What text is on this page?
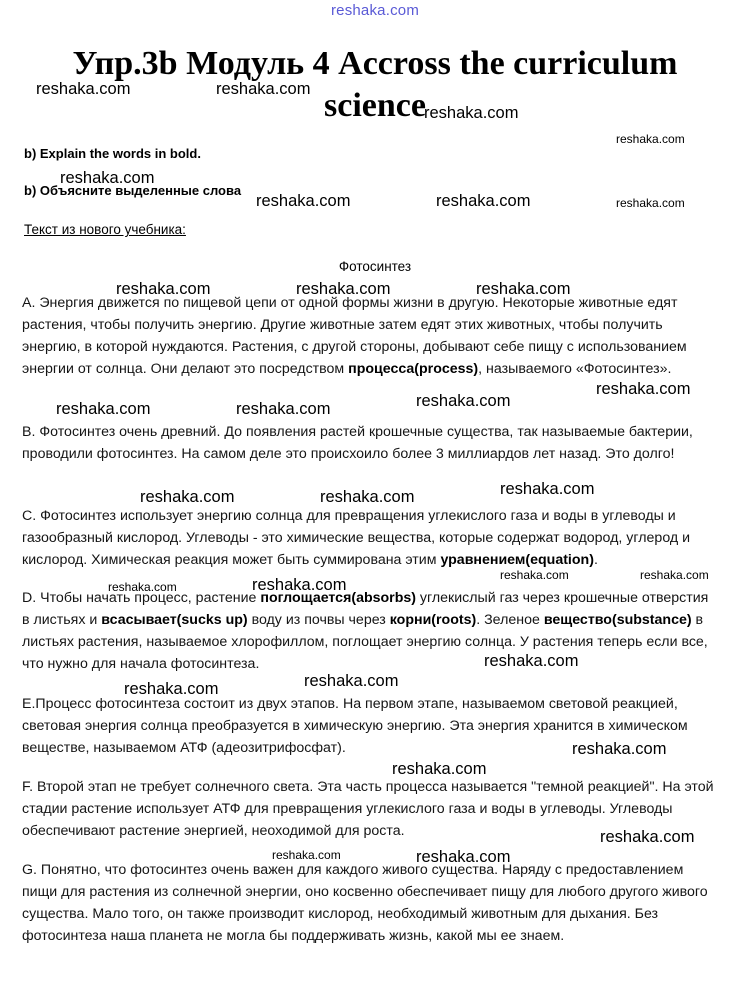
reshaka.com
Упр.3b Модуль 4 Accross the curriculum
science
b) Explain the words in bold.
b) Объясните выделенные слова
Текст из нового учебника:
Фотосинтез
A. Энергия движется по пищевой цепи от одной формы жизни в другую. Некоторые животные едят растения, чтобы получить энергию. Другие животные затем едят этих животных, чтобы получить энергию, в которой нуждаются. Растения, с другой стороны, добывают себе пищу с использованием энергии от солнца. Они делают это посредством процесса(process), называемого «Фотосинтез».
B. Фотосинтез очень древний. До появления растей крошечные существа, так называемые бактерии, проводили фотосинтез. На самом деле это происхоило более 3 миллиардов лет назад. Это долго!
C. Фотосинтез использует энергию солнца для превращения углекислого газа и воды в углеводы и газообразный кислород. Углеводы - это химические вещества, которые содержат водород, углерод и кислород. Химическая реакция может быть суммирована этим уравнением(equation).
D. Чтобы начать процесс, растение поглощается(absorbs) углекислый газ через крошечные отверстия в листьях и всасывает(sucks up) воду из почвы через корни(roots). Зеленое вещество(substance) в листьях растения, называемое хлорофиллом, поглощает энергию солнца. У растения теперь если все, что нужно для начала фотосинтеза.
E.Процесс фотосинтеза состоит из двух этапов. На первом этапе, называемом световой реакцией, световая энергия солнца преобразуется в химическую энергию. Эта энергия хранится в химическом веществе, называемом АТФ (адеозитрифосфат).
F. Второй этап не требует солнечного света. Эта часть процесса называется "темной реакцией". На этой стадии растение использует АТФ для превращения углекислого газа и воды в углеводы. Углеводы обеспечивают растение энергией, неоходимой для роста.
G. Понятно, что фотосинтез очень важен для каждого живого существа. Наряду с предоставлением пищи для растения из солнечной энергии, оно косвенно обеспечивает пищу для любого другого живого существа. Мало того, он также производит кислород, необходимый животным для дыхания. Без фотосинтеза наша планета не могла бы поддерживать жизнь, какой мы ее знаем.
reshaka.com	reshaka.com
reshaka.com
reshaka.com
reshaka.com
reshaka.com	reshaka.com	reshaka.com
reshaka.com	reshaka.com	reshaka.com
reshaka.com
reshaka.com
reshaka.com	reshaka.com
reshaka.com
reshaka.com	reshaka.com
reshaka.com	reshaka.com
reshaka.com
reshaka.com
reshaka.com
reshaka.com
reshaka.com
reshaka.com
reshaka.com
reshaka.com
reshaka.com	reshaka.com
